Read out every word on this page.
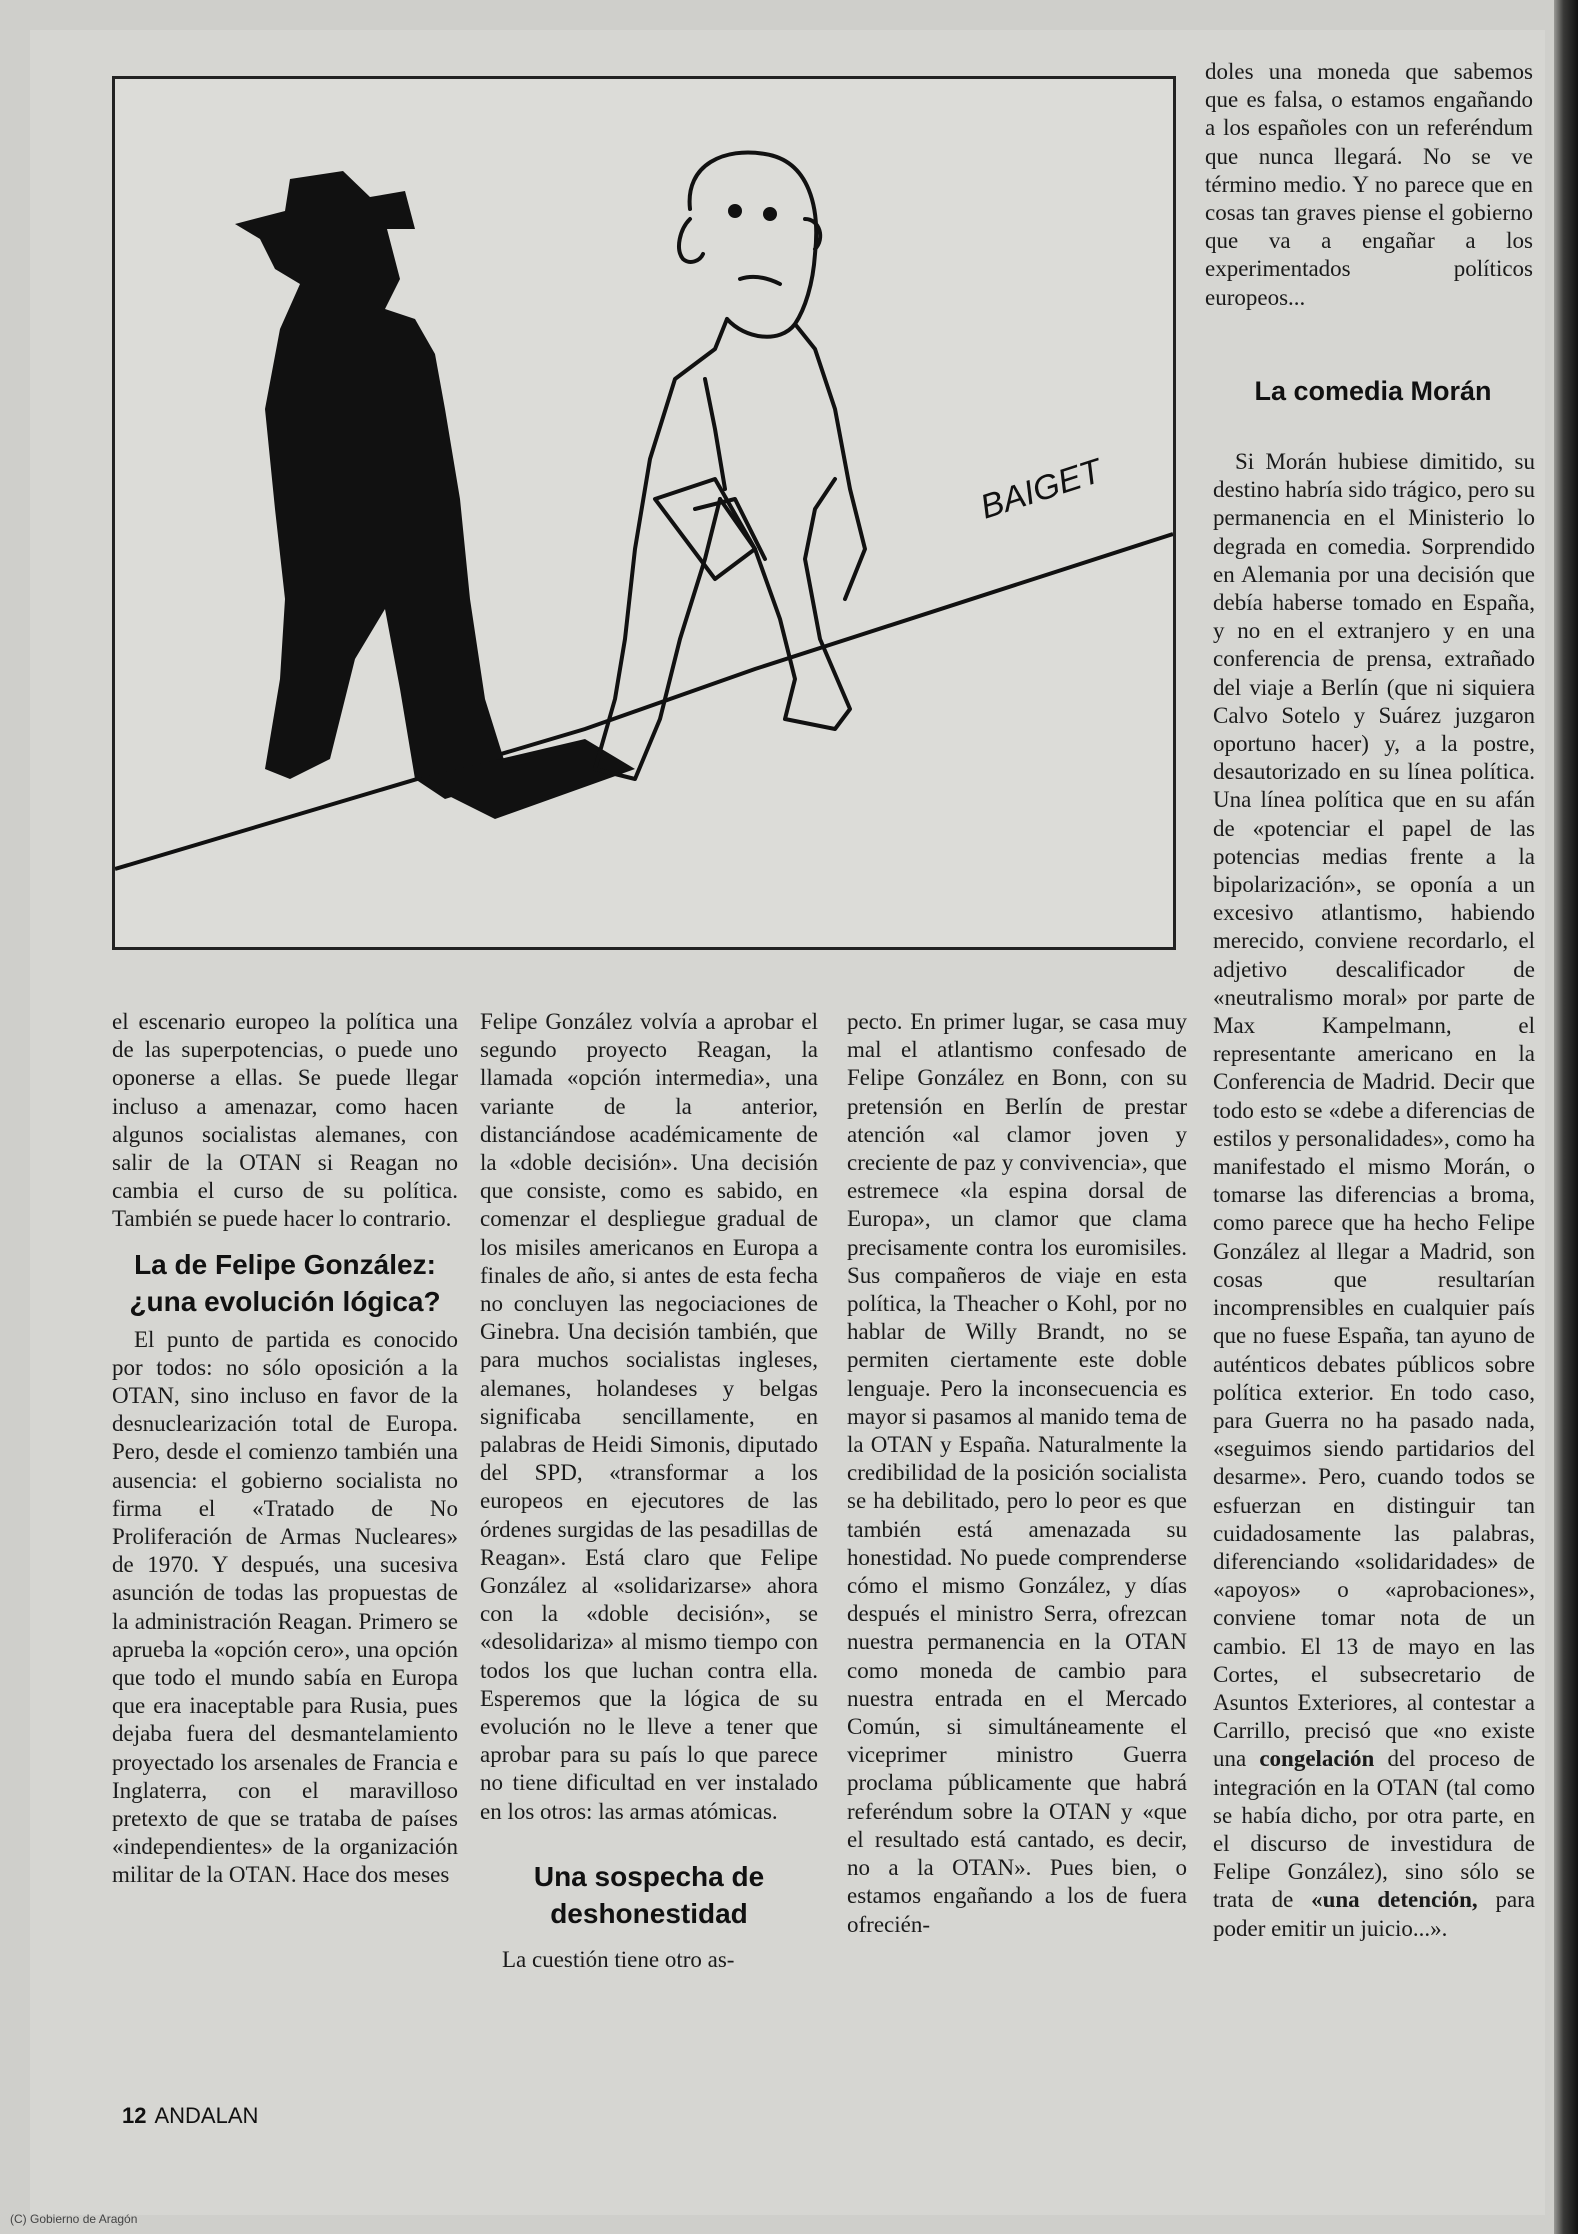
BAIGET

el escenario europeo la política una de las superpotencias, o puede uno oponerse a ellas. Se puede llegar incluso a amenazar, como hacen algunos socialistas alemanes, con salir de la OTAN si Reagan no cambia el curso de su política. También se puede hacer lo contrario.

La de Felipe González: ¿una evolución lógica?

El punto de partida es conocido por todos: no sólo oposición a la OTAN, sino incluso en favor de la desnuclearización total de Europa. Pero, desde el comienzo también una ausencia: el gobierno socialista no firma el «Tratado de No Proliferación de Armas Nucleares» de 1970. Y después, una sucesiva asunción de todas las propuestas de la administración Reagan. Primero se aprueba la «opción cero», una opción que todo el mundo sabía en Europa que era inaceptable para Rusia, pues dejaba fuera del desmantelamiento proyectado los arsenales de Francia e Inglaterra, con el maravilloso pretexto de que se trataba de países «independientes» de la organización militar de la OTAN. Hace dos meses

Felipe González volvía a aprobar el segundo proyecto Reagan, la llamada «opción intermedia», una variante de la anterior, distanciándose académicamente de la «doble decisión». Una decisión que consiste, como es sabido, en comenzar el despliegue gradual de los misiles americanos en Europa a finales de año, si antes de esta fecha no concluyen las negociaciones de Ginebra. Una decisión también, que para muchos socialistas ingleses, alemanes, holandeses y belgas significaba sencillamente, en palabras de Heidi Simonis, diputado del SPD, «transformar a los europeos en ejecutores de las órdenes surgidas de las pesadillas de Reagan». Está claro que Felipe González al «solidarizarse» ahora con la «doble decisión», se «desolidariza» al mismo tiempo con todos los que luchan contra ella. Esperemos que la lógica de su evolución no le lleve a tener que aprobar para su país lo que parece no tiene dificultad en ver instalado en los otros: las armas atómicas.

Una sospecha de deshonestidad

La cuestión tiene otro as-

pecto. En primer lugar, se casa muy mal el atlantismo confesado de Felipe González en Bonn, con su pretensión en Berlín de prestar atención «al clamor joven y creciente de paz y convivencia», que estremece «la espina dorsal de Europa», un clamor que clama precisamente contra los euromisiles. Sus compañeros de viaje en esta política, la Theacher o Kohl, por no hablar de Willy Brandt, no se permiten ciertamente este doble lenguaje. Pero la inconsecuencia es mayor si pasamos al manido tema de la OTAN y España. Naturalmente la credibilidad de la posición socialista se ha debilitado, pero lo peor es que también está amenazada su honestidad. No puede comprenderse cómo el mismo González, y días después el ministro Serra, ofrezcan nuestra permanencia en la OTAN como moneda de cambio para nuestra entrada en el Mercado Común, si simultáneamente el viceprimer ministro Guerra proclama públicamente que habrá referéndum sobre la OTAN y «que el resultado está cantado, es decir, no a la OTAN». Pues bien, o estamos engañando a los de fuera ofrecién-

doles una moneda que sabemos que es falsa, o estamos engañando a los españoles con un referéndum que nunca llegará. No se ve término medio. Y no parece que en cosas tan graves piense el gobierno que va a engañar a los experimentados políticos europeos...

La comedia Morán

Si Morán hubiese dimitido, su destino habría sido trágico, pero su permanencia en el Ministerio lo degrada en comedia. Sorprendido en Alemania por una decisión que debía haberse tomado en España, y no en el extranjero y en una conferencia de prensa, extrañado del viaje a Berlín (que ni siquiera Calvo Sotelo y Suárez juzgaron oportuno hacer) y, a la postre, desautorizado en su línea política. Una línea política que en su afán de «potenciar el papel de las potencias medias frente a la bipolarización», se oponía a un excesivo atlantismo, habiendo merecido, conviene recordarlo, el adjetivo descalificador de «neutralismo moral» por parte de Max Kampelmann, el representante americano en la Conferencia de Madrid. Decir que todo esto se «debe a diferencias de estilos y personalidades», como ha manifestado el mismo Morán, o tomarse las diferencias a broma, como parece que ha hecho Felipe González al llegar a Madrid, son cosas que resultarían incomprensibles en cualquier país que no fuese España, tan ayuno de auténticos debates públicos sobre política exterior. En todo caso, para Guerra no ha pasado nada, «seguimos siendo partidarios del desarme». Pero, cuando todos se esfuerzan en distinguir tan cuidadosamente las palabras, diferenciando «solidaridades» de «apoyos» o «aprobaciones», conviene tomar nota de un cambio. El 13 de mayo en las Cortes, el subsecretario de Asuntos Exteriores, al contestar a Carrillo, precisó que «no existe una congelación del proceso de integración en la OTAN (tal como se había dicho, por otra parte, en el discurso de investidura de Felipe González), sino sólo se trata de «una detención, para poder emitir un juicio...».

12 ANDALAN
(C) Gobierno de Aragón
